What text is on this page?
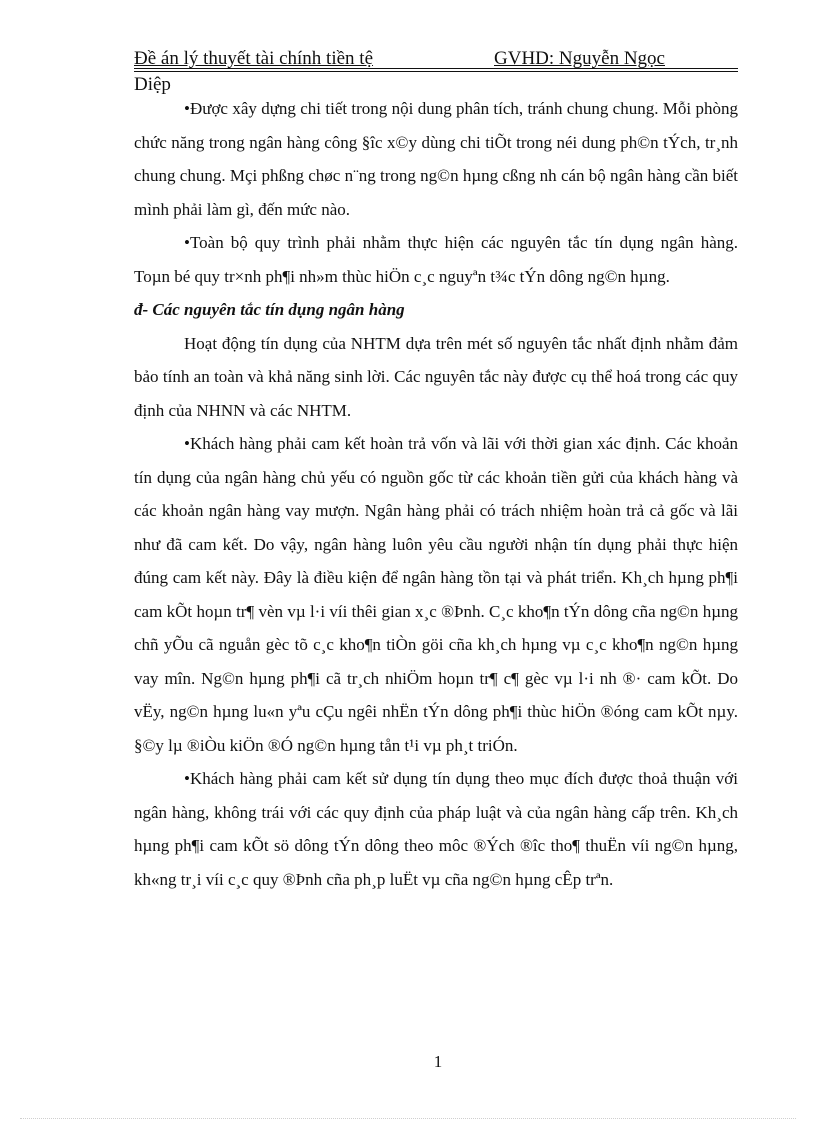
Đề án lý thuyết tài chính tiền tệ	GVHD: Nguyễn Ngọc
Diệp

•Được xây dựng chi tiết trong nội dung phân tích, tránh chung chung. Mỗi phòng chức năng trong ngân hàng công §îc x©y dùng chi tiÕt trong néi dung ph©n tÝch, tr¸nh chung chung. Mçi phßng chøc n¨ng trong ng©n hµng cßng nh cán bộ ngân hàng cần biết mình phải làm gì, đến mức nào.

•Toàn bộ quy trình phải nhằm thực hiện các nguyên tắc tín dụng ngân hàng. Toµn bé quy tr×nh ph¶i nh»m thùc hiÖn c¸c nguyªn t¾c tÝn dông ng©n hµng.

đ- Các nguyên tắc tín dụng ngân hàng

Hoạt động tín dụng của NHTM dựa trên mét số nguyên tắc nhất định nhằm đảm bảo tính an toàn và khả năng sinh lời. Các nguyên tắc này được cụ thể hoá trong các quy định của NHNN và các NHTM.

•Khách hàng phải cam kết hoàn trả vốn và lãi với thời gian xác định. Các khoản tín dụng của ngân hàng chủ yếu có nguồn gốc từ các khoản tiền gửi của khách hàng và các khoản ngân hàng vay mượn. Ngân hàng phải có trách nhiệm hoàn trả cả gốc và lãi như đã cam kết. Do vậy, ngân hàng luôn yêu cầu người nhận tín dụng phải thực hiện đúng cam kết này. Đây là điều kiện để ngân hàng tồn tại và phát triển. Kh¸ch hµng ph¶i cam kÕt hoµn tr¶ vèn vµ l·i víi thêi gian x¸c ®Þnh. C¸c kho¶n tÝn dông cña ng©n hµng chñ yÕu cã nguån gèc tõ c¸c kho¶n tiÒn göi cña kh¸ch hµng vµ c¸c kho¶n ng©n hµng vay mîn. Ng©n hµng ph¶i cã tr¸ch nhiÖm hoµn tr¶ c¶ gèc vµ l·i nh ®· cam kÕt. Do vËy, ng©n hµng lu«n yªu cÇu ngêi nhËn tÝn dông ph¶i thùc hiÖn ®óng cam kÕt nµy. §©y lµ ®iÒu kiÖn ®Ó ng©n hµng tån t¹i vµ ph¸t triÓn.

•Khách hàng phải cam kết sử dụng tín dụng theo mục đích được thoả thuận với ngân hàng, không trái với các quy định của pháp luật và của ngân hàng cấp trên. Kh¸ch hµng ph¶i cam kÕt sö dông tÝn dông theo môc ®Ých ®îc tho¶ thuËn víi ng©n hµng, kh«ng tr¸i víi c¸c quy ®Þnh cña ph¸p luËt vµ cña ng©n hµng cÊp trªn.

1
